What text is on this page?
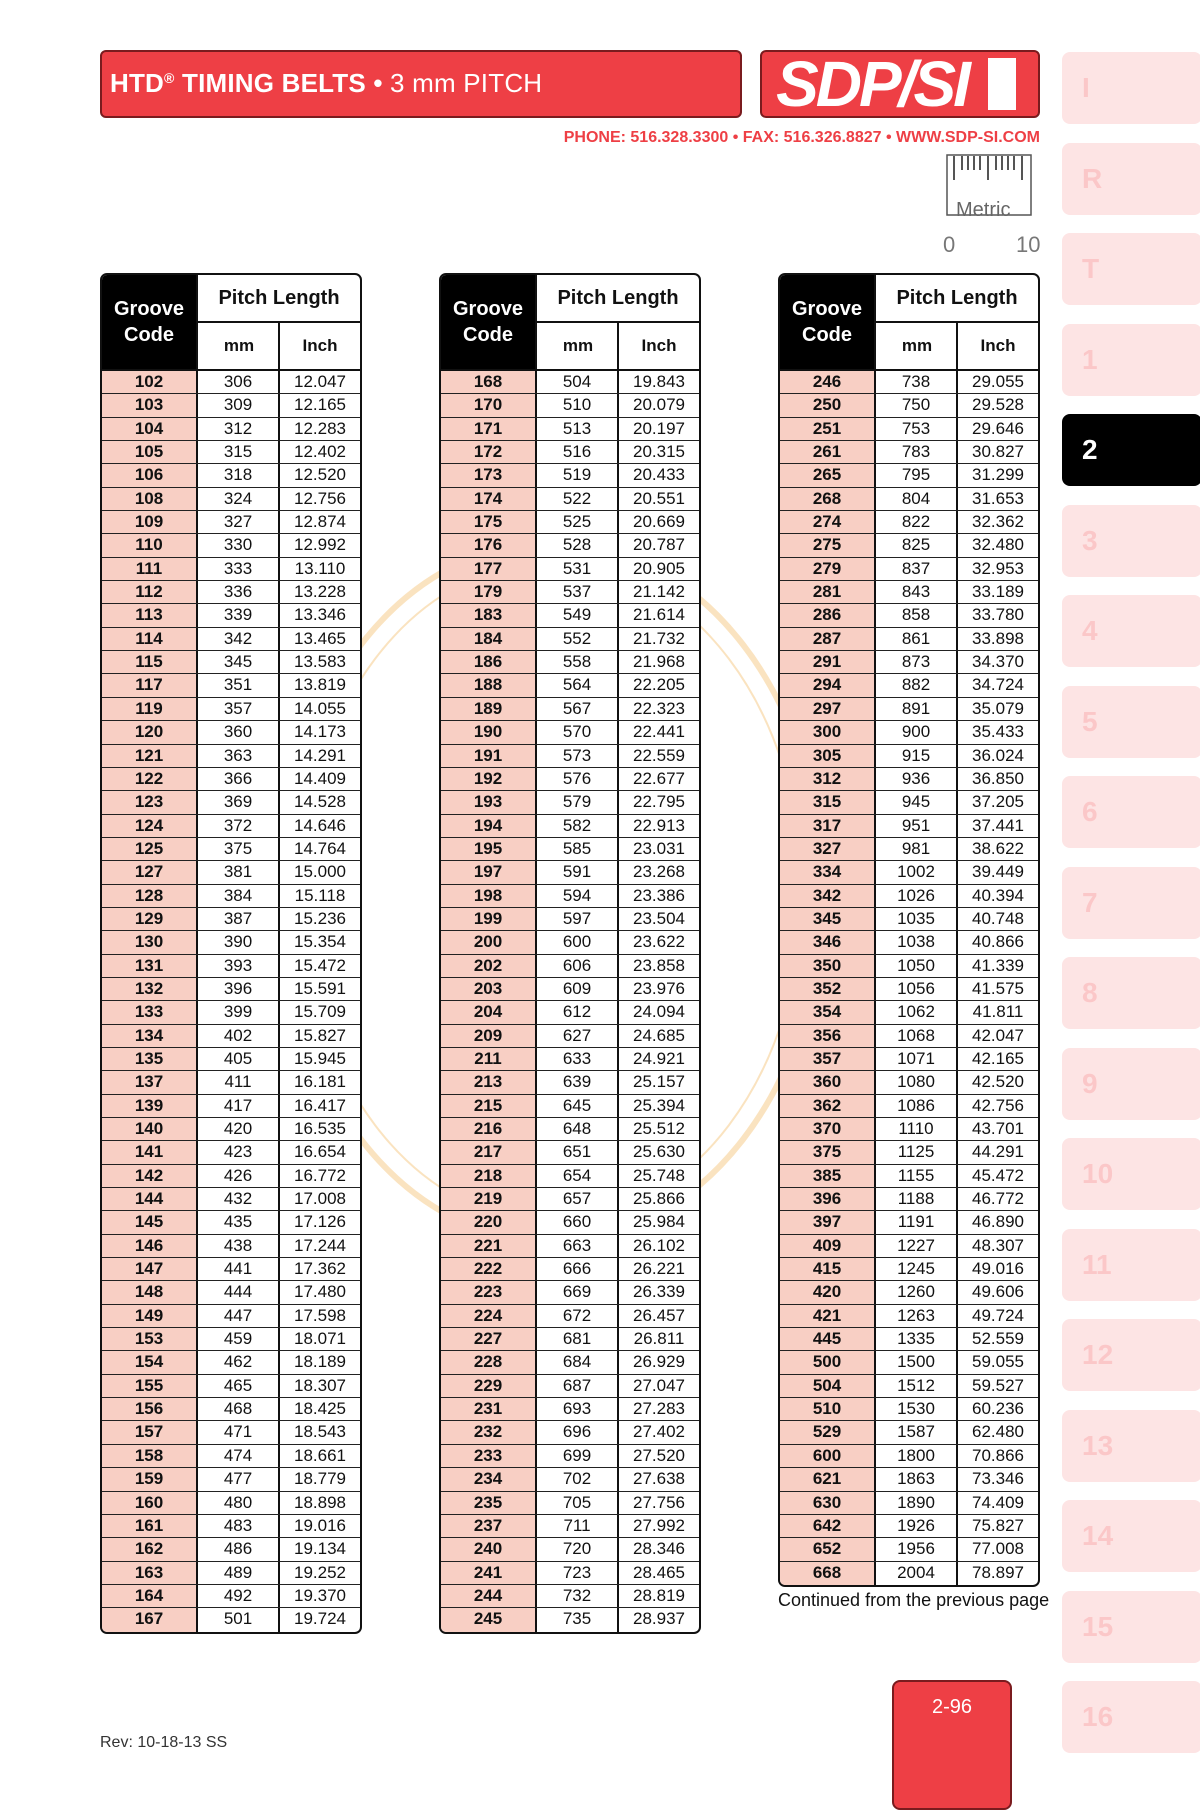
HTD® TIMING BELTS • 3 mm PITCH	SDP/SI
PHONE: 516.328.3300 • FAX: 516.326.8827 • WWW.SDP-SI.COM
Metric
0	10
I
R
T
1
2
3
4
5
6
7
8
9
10
11
12
13
14
15
16
Groove
Code
Pitch Length
mm	Inch
102	306	12.047
103	309	12.165
104	312	12.283
105	315	12.402
106	318	12.520
108	324	12.756
109	327	12.874
110	330	12.992
111	333	13.110
112	336	13.228
113	339	13.346
114	342	13.465
115	345	13.583
117	351	13.819
119	357	14.055
120	360	14.173
121	363	14.291
122	366	14.409
123	369	14.528
124	372	14.646
125	375	14.764
127	381	15.000
128	384	15.118
129	387	15.236
130	390	15.354
131	393	15.472
132	396	15.591
133	399	15.709
134	402	15.827
135	405	15.945
137	411	16.181
139	417	16.417
140	420	16.535
141	423	16.654
142	426	16.772
144	432	17.008
145	435	17.126
146	438	17.244
147	441	17.362
148	444	17.480
149	447	17.598
153	459	18.071
154	462	18.189
155	465	18.307
156	468	18.425
157	471	18.543
158	474	18.661
159	477	18.779
160	480	18.898
161	483	19.016
162	486	19.134
163	489	19.252
164	492	19.370
167	501	19.724
Groove
Code
Pitch Length
mm	Inch
168	504	19.843
170	510	20.079
171	513	20.197
172	516	20.315
173	519	20.433
174	522	20.551
175	525	20.669
176	528	20.787
177	531	20.905
179	537	21.142
183	549	21.614
184	552	21.732
186	558	21.968
188	564	22.205
189	567	22.323
190	570	22.441
191	573	22.559
192	576	22.677
193	579	22.795
194	582	22.913
195	585	23.031
197	591	23.268
198	594	23.386
199	597	23.504
200	600	23.622
202	606	23.858
203	609	23.976
204	612	24.094
209	627	24.685
211	633	24.921
213	639	25.157
215	645	25.394
216	648	25.512
217	651	25.630
218	654	25.748
219	657	25.866
220	660	25.984
221	663	26.102
222	666	26.221
223	669	26.339
224	672	26.457
227	681	26.811
228	684	26.929
229	687	27.047
231	693	27.283
232	696	27.402
233	699	27.520
234	702	27.638
235	705	27.756
237	711	27.992
240	720	28.346
241	723	28.465
244	732	28.819
245	735	28.937
Groove
Code
Pitch Length
mm	Inch
246	738	29.055
250	750	29.528
251	753	29.646
261	783	30.827
265	795	31.299
268	804	31.653
274	822	32.362
275	825	32.480
279	837	32.953
281	843	33.189
286	858	33.780
287	861	33.898
291	873	34.370
294	882	34.724
297	891	35.079
300	900	35.433
305	915	36.024
312	936	36.850
315	945	37.205
317	951	37.441
327	981	38.622
334	1002	39.449
342	1026	40.394
345	1035	40.748
346	1038	40.866
350	1050	41.339
352	1056	41.575
354	1062	41.811
356	1068	42.047
357	1071	42.165
360	1080	42.520
362	1086	42.756
370	1110	43.701
375	1125	44.291
385	1155	45.472
396	1188	46.772
397	1191	46.890
409	1227	48.307
415	1245	49.016
420	1260	49.606
421	1263	49.724
445	1335	52.559
500	1500	59.055
504	1512	59.527
510	1530	60.236
529	1587	62.480
600	1800	70.866
621	1863	73.346
630	1890	74.409
642	1926	75.827
652	1956	77.008
668	2004	78.897
Continued from the previous page
2-96
Rev: 10-18-13 SS
